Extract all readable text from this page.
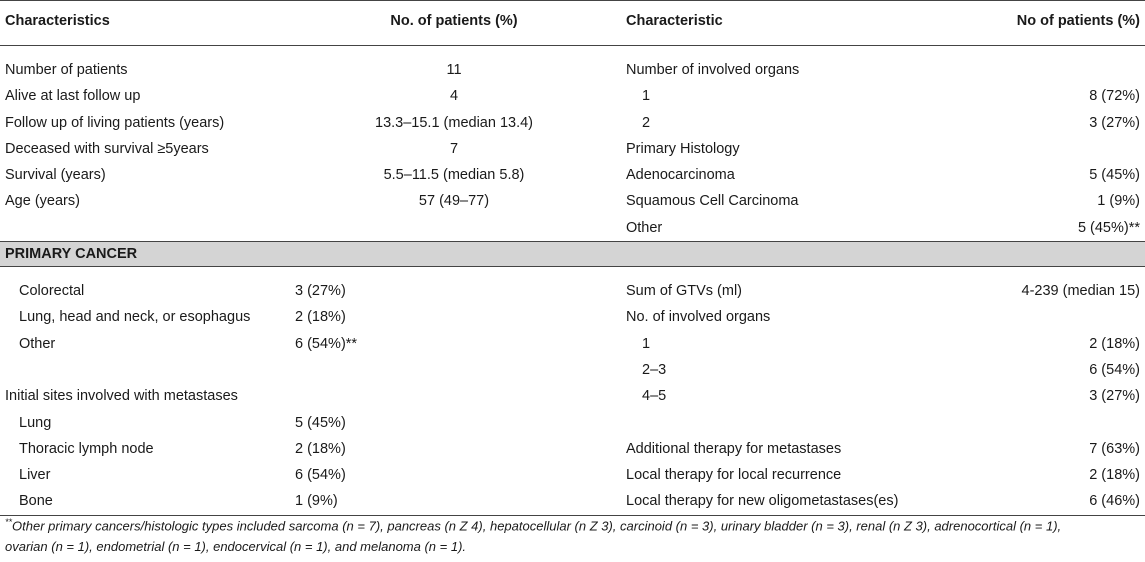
Characteristics	No. of patients (%)	Characteristic	No of patients (%)
Number of patients	11	Number of involved organs	
Alive at last follow up	4	1	8 (72%)
Follow up of living patients (years)	13.3–15.1 (median 13.4)	2	3 (27%)
Deceased with survival ≥5years	7	Primary Histology	
Survival (years)	5.5–11.5 (median 5.8)	Adenocarcinoma	5 (45%)
Age (years)	57 (49–77)	Squamous Cell Carcinoma	1 (9%)
		Other	5 (45%)**
PRIMARY CANCER			
Colorectal	3 (27%)	Sum of GTVs (ml)	4-239 (median 15)
Lung, head and neck, or esophagus	2 (18%)	No. of involved organs	
Other	6 (54%)**	1	2 (18%)
		2–3	6 (54%)
Initial sites involved with metastases		4–5	3 (27%)
Lung	5 (45%)		
Thoracic lymph node	2 (18%)	Additional therapy for metastases	7 (63%)
Liver	6 (54%)	Local therapy for local recurrence	2 (18%)
Bone	1 (9%)	Local therapy for new oligometastases(es)	6 (46%)
**Other primary cancers/histologic types included sarcoma (n = 7), pancreas (n Z 4), hepatocellular (n Z 3), carcinoid (n = 3), urinary bladder (n = 3), renal (n Z 3), adrenocortical (n = 1),
ovarian (n = 1), endometrial (n = 1), endocervical (n = 1), and melanoma (n = 1).
